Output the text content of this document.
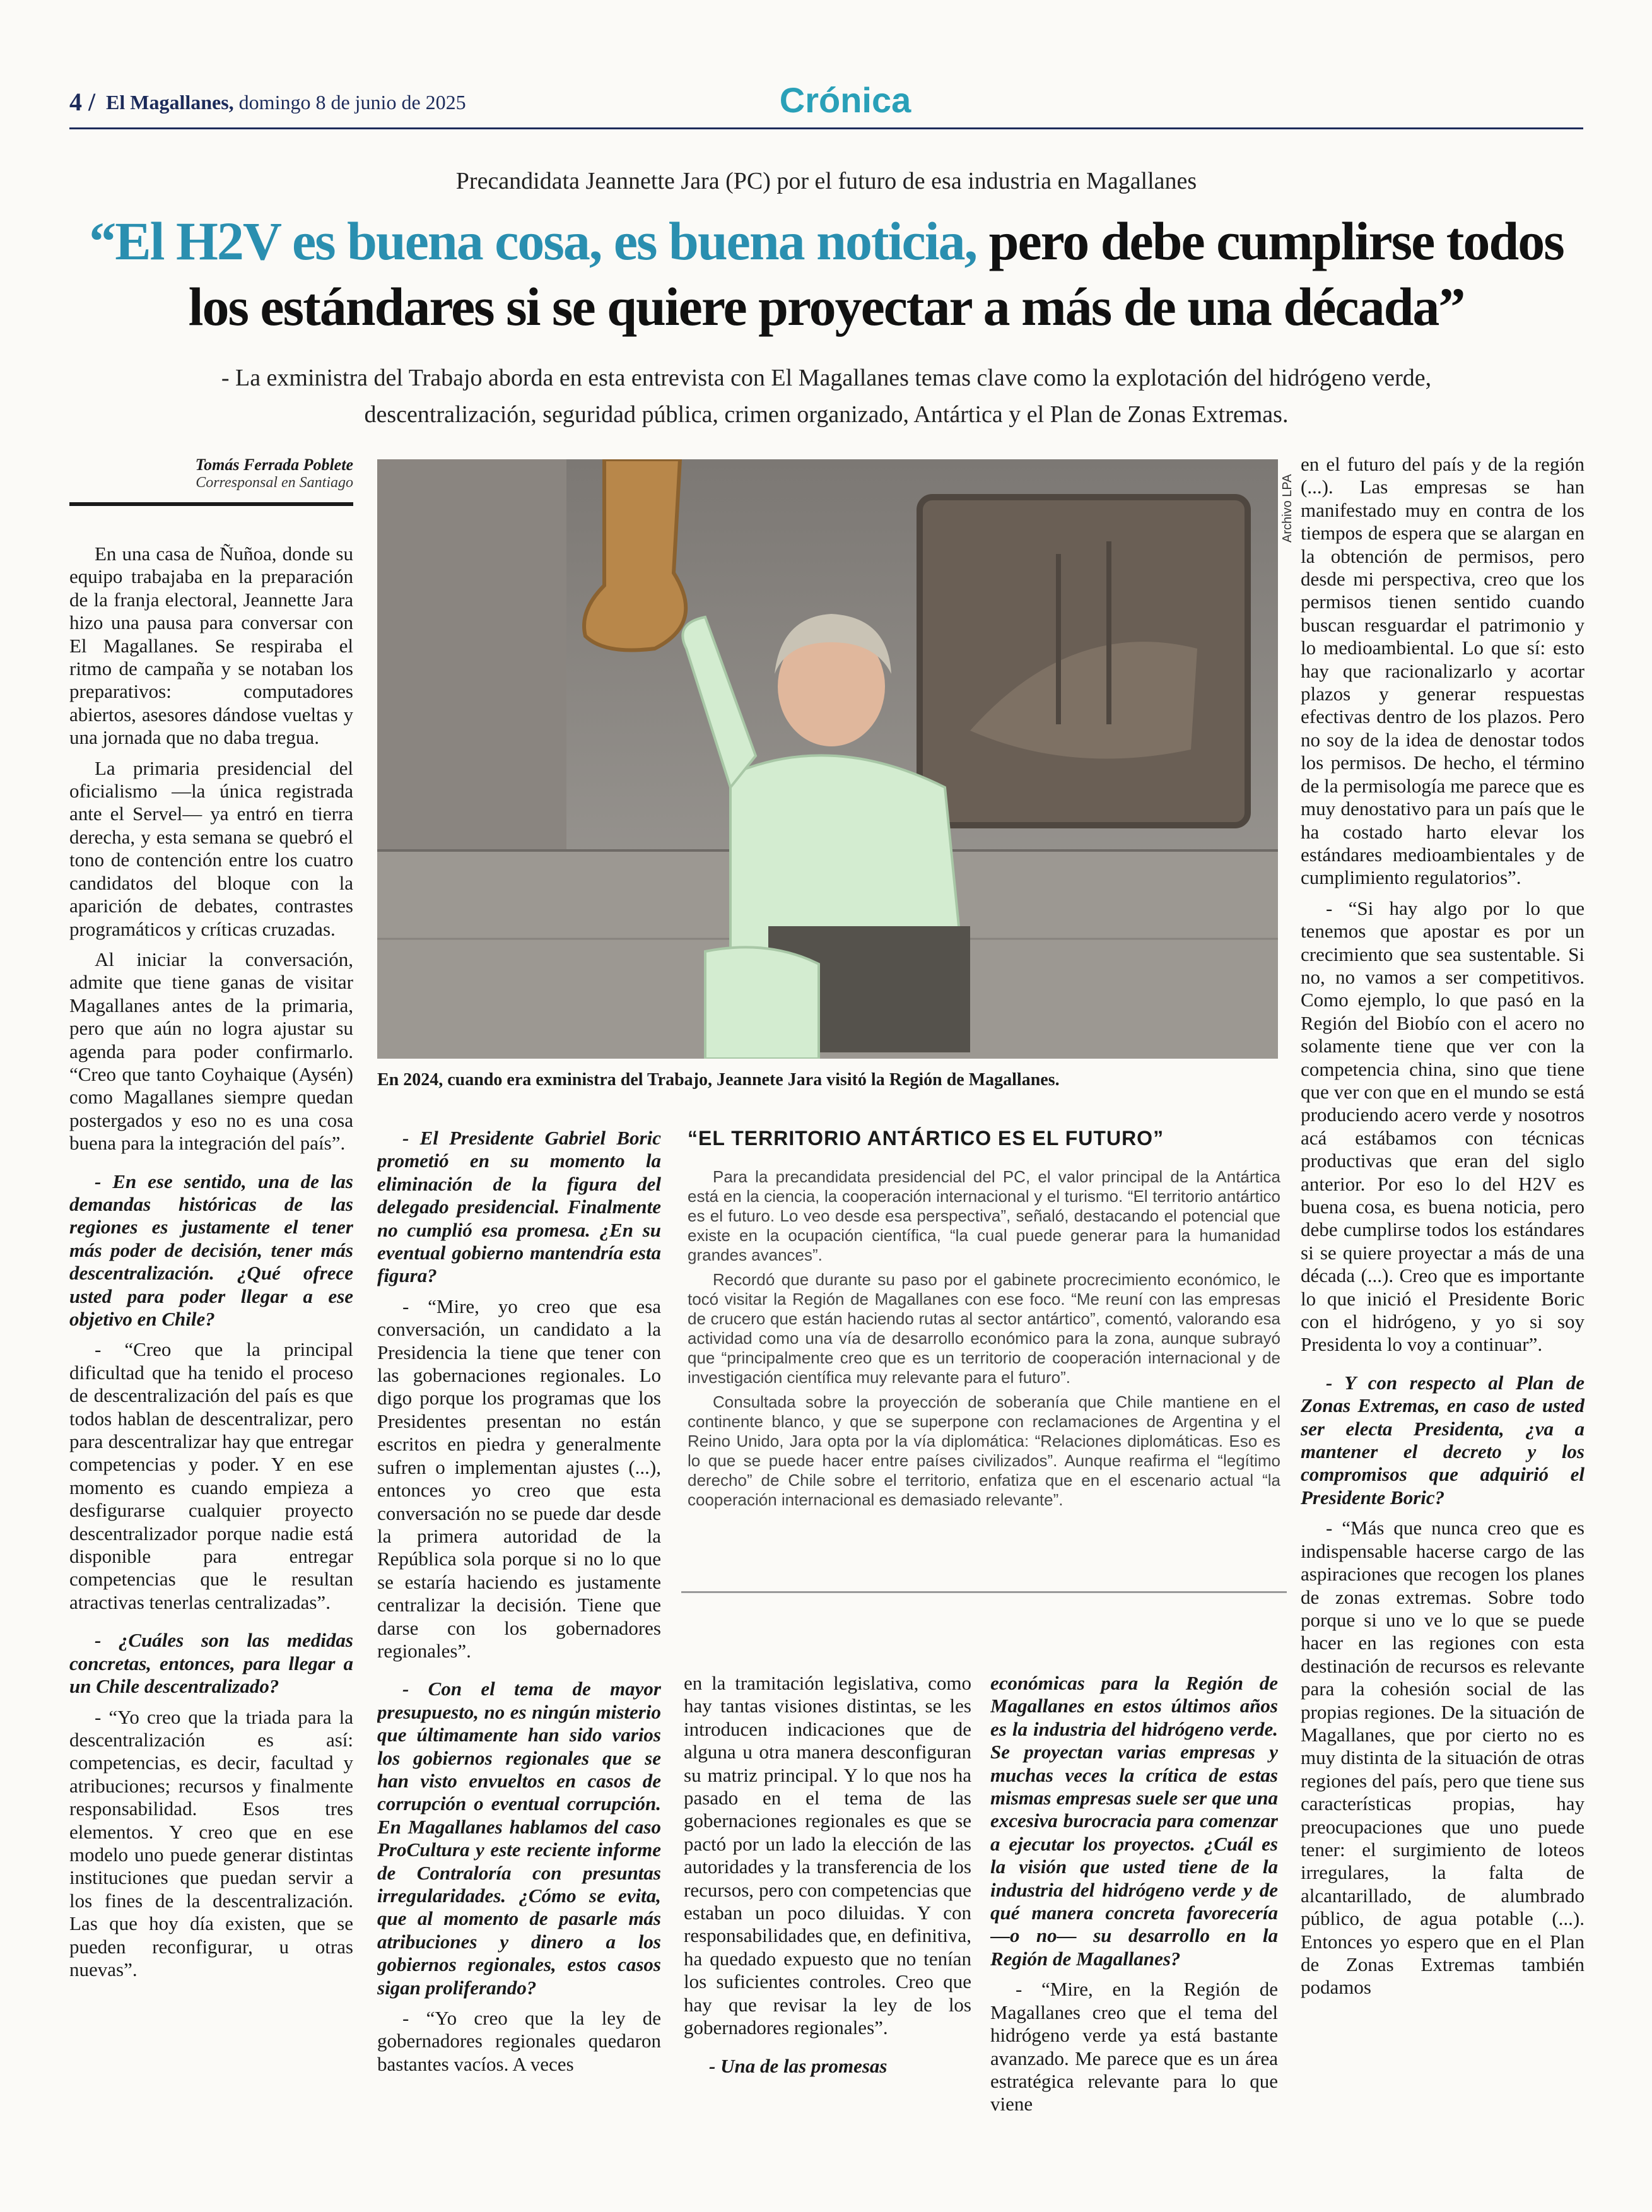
4 / El Magallanes, domingo 8 de junio de 2025	Crónica
Precandidata Jeannette Jara (PC) por el futuro de esa industria en Magallanes
“El H2V es buena cosa, es buena noticia, pero debe cumplirse todos los estándares si se quiere proyectar a más de una década”
- La exministra del Trabajo aborda en esta entrevista con El Magallanes temas clave como la explotación del hidrógeno verde, descentralización, seguridad pública, crimen organizado, Antártica y el Plan de Zonas Extremas.
Tomás Ferrada Poblete
Corresponsal en Santiago

En una casa de Ñuñoa, donde su equipo trabajaba en la preparación de la franja electoral, Jeannette Jara hizo una pausa para conversar con El Magallanes. Se respiraba el ritmo de campaña y se notaban los preparativos: computadores abiertos, asesores dándose vueltas y una jornada que no daba tregua.

La primaria presidencial del oficialismo —la única registrada ante el Servel— ya entró en tierra derecha, y esta semana se quebró el tono de contención entre los cuatro candidatos del bloque con la aparición de debates, contrastes programáticos y críticas cruzadas.

Al iniciar la conversación, admite que tiene ganas de visitar Magallanes antes de la primaria, pero que aún no logra ajustar su agenda para poder confirmarlo. “Creo que tanto Coyhaique (Aysén) como Magallanes siempre quedan postergados y eso no es una cosa buena para la integración del país”.

- En ese sentido, una de las demandas históricas de las regiones es justamente el tener más poder de decisión, tener más descentralización. ¿Qué ofrece usted para poder llegar a ese objetivo en Chile?

- “Creo que la principal dificultad que ha tenido el proceso de descentralización del país es que todos hablan de descentralizar, pero para descentralizar hay que entregar competencias y poder. Y en ese momento es cuando empieza a desfigurarse cualquier proyecto descentralizador porque nadie está disponible para entregar competencias que le resultan atractivas tenerlas centralizadas”.

- ¿Cuáles son las medidas concretas, entonces, para llegar a un Chile descentralizado?

- “Yo creo que la triada para la descentralización es así: competencias, es decir, facultad y atribuciones; recursos y finalmente responsabilidad. Esos tres elementos. Y creo que en ese modelo uno puede generar distintas instituciones que puedan servir a los fines de la descentralización. Las que hoy día existen, que se pueden reconfigurar, u otras nuevas”.

Archivo LPA
En 2024, cuando era exministra del Trabajo, Jeannete Jara visitó la Región de Magallanes.

- El Presidente Gabriel Boric prometió en su momento la eliminación de la figura del delegado presidencial. Finalmente no cumplió esa promesa. ¿En su eventual gobierno mantendría esta figura?

- “Mire, yo creo que esa conversación, un candidato a la Presidencia la tiene que tener con las gobernaciones regionales. Lo digo porque los programas que los Presidentes presentan no están escritos en piedra y generalmente sufren o implementan ajustes (...), entonces yo creo que esta conversación no se puede dar desde la primera autoridad de la República sola porque si no lo que se estaría haciendo es justamente centralizar la decisión. Tiene que darse con los gobernadores regionales”.

- Con el tema de mayor presupuesto, no es ningún misterio que últimamente han sido varios los gobiernos regionales que se han visto envueltos en casos de corrupción o eventual corrupción. En Magallanes hablamos del caso ProCultura y este reciente informe de Contraloría con presuntas irregularidades. ¿Cómo se evita, que al momento de pasarle más atribuciones y dinero a los gobiernos regionales, estos casos sigan proliferando?

- “Yo creo que la ley de gobernadores regionales quedaron bastantes vacíos. A veces

“EL TERRITORIO ANTÁRTICO ES EL FUTURO”

Para la precandidata presidencial del PC, el valor principal de la Antártica está en la ciencia, la cooperación internacional y el turismo. “El territorio antártico es el futuro. Lo veo desde esa perspectiva”, señaló, destacando el potencial que existe en la ocupación científica, “la cual puede generar para la humanidad grandes avances”.

Recordó que durante su paso por el gabinete procrecimiento económico, le tocó visitar la Región de Magallanes con ese foco. “Me reuní con las empresas de crucero que están haciendo rutas al sector antártico”, comentó, valorando esa actividad como una vía de desarrollo económico para la zona, aunque subrayó que “principalmente creo que es un territorio de cooperación internacional y de investigación científica muy relevante para el futuro”.

Consultada sobre la proyección de soberanía que Chile mantiene en el continente blanco, y que se superpone con reclamaciones de Argentina y el Reino Unido, Jara opta por la vía diplomática: “Relaciones diplomáticas. Eso es lo que se puede hacer entre países civilizados”. Aunque reafirma el “legítimo derecho” de Chile sobre el territorio, enfatiza que en el escenario actual “la cooperación internacional es demasiado relevante”.

en la tramitación legislativa, como hay tantas visiones distintas, se les introducen indicaciones que de alguna u otra manera desconfiguran su matriz principal. Y lo que nos ha pasado en el tema de las gobernaciones regionales es que se pactó por un lado la elección de las autoridades y la transferencia de los recursos, pero con competencias que estaban un poco diluidas. Y con responsabilidades que, en definitiva, ha quedado expuesto que no tenían los suficientes controles. Creo que hay que revisar la ley de los gobernadores regionales”.

- Una de las promesas

económicas para la Región de Magallanes en estos últimos años es la industria del hidrógeno verde. Se proyectan varias empresas y muchas veces la crítica de estas mismas empresas suele ser que una excesiva burocracia para comenzar a ejecutar los proyectos. ¿Cuál es la visión que usted tiene de la industria del hidrógeno verde y de qué manera concreta favorecería —o no— su desarrollo en la Región de Magallanes?

- “Mire, en la Región de Magallanes creo que el tema del hidrógeno verde ya está bastante avanzado. Me parece que es un área estratégica relevante para lo que viene

en el futuro del país y de la región (...). Las empresas se han manifestado muy en contra de los tiempos de espera que se alargan en la obtención de permisos, pero desde mi perspectiva, creo que los permisos tienen sentido cuando buscan resguardar el patrimonio y lo medioambiental. Lo que sí: esto hay que racionalizarlo y acortar plazos y generar respuestas efectivas dentro de los plazos. Pero no soy de la idea de denostar todos los permisos. De hecho, el término de la permisología me parece que es muy denostativo para un país que le ha costado harto elevar los estándares medioambientales y de cumplimiento regulatorios”.

- “Si hay algo por lo que tenemos que apostar es por un crecimiento que sea sustentable. Si no, no vamos a ser competitivos. Como ejemplo, lo que pasó en la Región del Biobío con el acero no solamente tiene que ver con la competencia china, sino que tiene que ver con que en el mundo se está produciendo acero verde y nosotros acá estábamos con técnicas productivas que eran del siglo anterior. Por eso lo del H2V es buena cosa, es buena noticia, pero debe cumplirse todos los estándares si se quiere proyectar a más de una década (...). Creo que es importante lo que inició el Presidente Boric con el hidrógeno, y yo si soy Presidenta lo voy a continuar”.

- Y con respecto al Plan de Zonas Extremas, en caso de usted ser electa Presidenta, ¿va a mantener el decreto y los compromisos que adquirió el Presidente Boric?

- “Más que nunca creo que es indispensable hacerse cargo de las aspiraciones que recogen los planes de zonas extremas. Sobre todo porque si uno ve lo que se puede hacer en las regiones con esta destinación de recursos es relevante para la cohesión social de las propias regiones. De la situación de Magallanes, que por cierto no es muy distinta de la situación de otras regiones del país, pero que tiene sus características propias, hay preocupaciones que uno puede tener: el surgimiento de loteos irregulares, la falta de alcantarillado, de alumbrado público, de agua potable (...). Entonces yo espero que en el Plan de Zonas Extremas también podamos
